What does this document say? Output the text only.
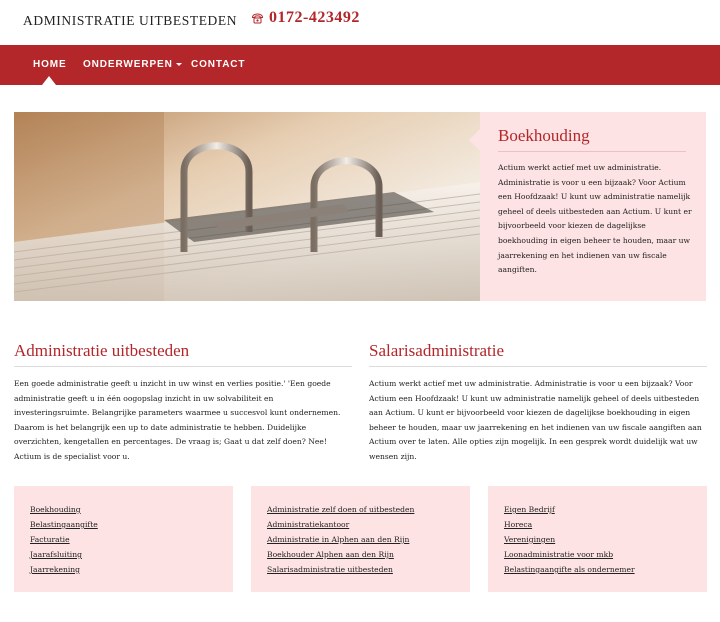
ADMINISTRATIE UITBESTEDEN 0172-423492
HOME ONDERWERPEN	CONTACT
Boekhouding
Actium werkt actief met uw administratie. Administratie is voor u een bijzaak? Voor Actium een Hoofdzaak! U kunt uw administratie namelijk geheel of deels uitbesteden aan Actium. U kunt er bijvoorbeeld voor kiezen de dagelijkse boekhouding in eigen beheer te houden, maar uw jaarrekening en het indienen van uw fiscale aangiften.
Administratie uitbesteden
Een goede administratie geeft u inzicht in uw winst en verlies positie.' 'Een goede administratie geeft u in één oogopslag inzicht in uw solvabiliteit en investeringsruimte. Belangrijke parameters waarmee u succesvol kunt ondernemen. Daarom is het belangrijk een up to date administratie te hebben. Duidelijke overzichten, kengetallen en percentages. De vraag is; Gaat u dat zelf doen? Nee! Actium is de specialist voor u.
Salarisadministratie
Actium werkt actief met uw administratie. Administratie is voor u een bijzaak? Voor Actium een Hoofdzaak! U kunt uw administratie namelijk geheel of deels uitbesteden aan Actium. U kunt er bijvoorbeeld voor kiezen de dagelijkse boekhouding in eigen beheer te houden, maar uw jaarrekening en het indienen van uw fiscale aangiften aan Actium over te laten. Alle opties zijn mogelijk. In een gesprek wordt duidelijk wat uw wensen zijn.
Boekhouding
Belastingaangifte
Facturatie
Jaarafsluiting
Jaarrekening
Administratie zelf doen of uitbesteden
Administratiekantoor
Administratie in Alphen aan den Rijn
Boekhouder Alphen aan den Rijn
Salarisadministratie uitbesteden
Eigen Bedrijf
Horeca
Verenigingen
Loonadministratie voor mkb
Belastingaangifte als ondernemer
